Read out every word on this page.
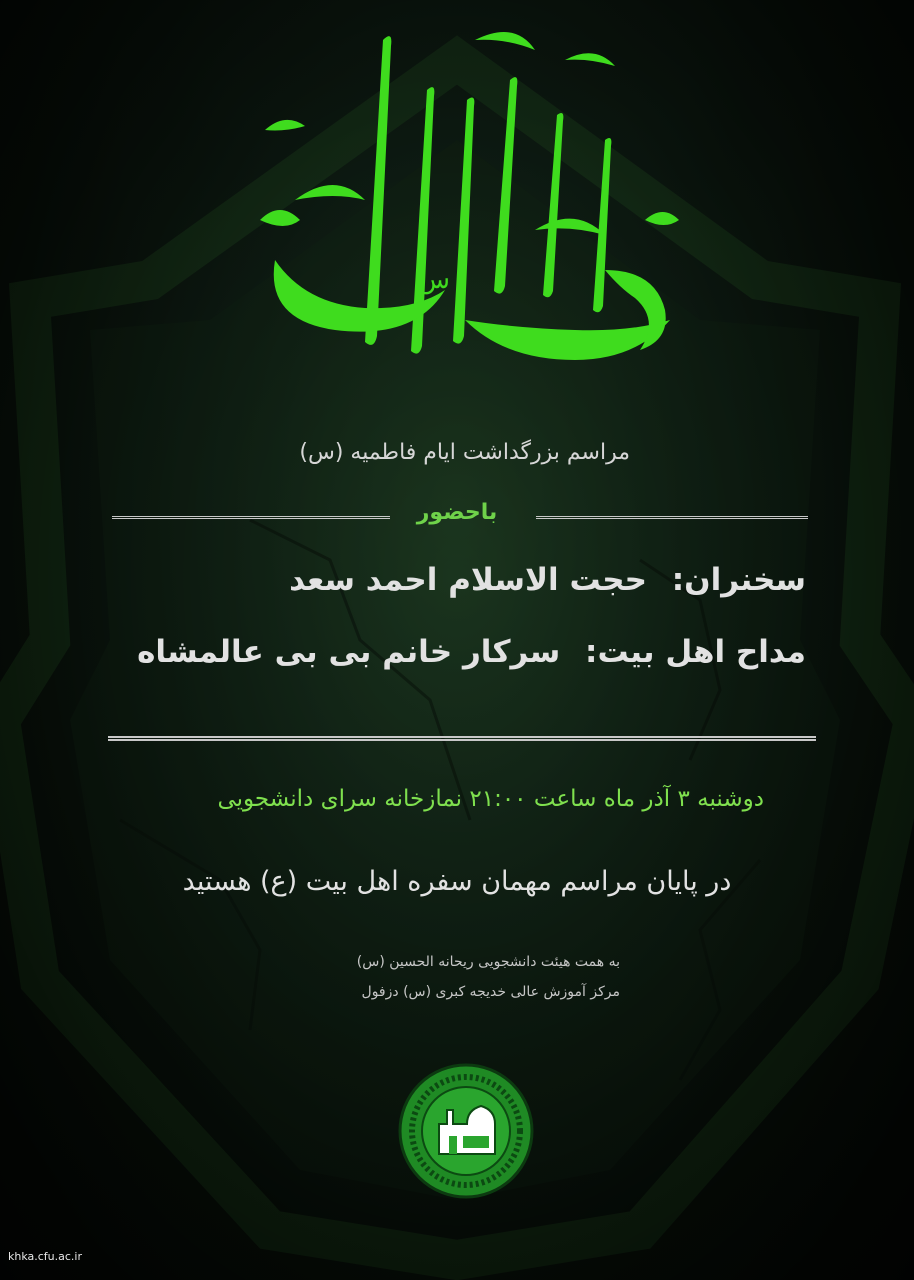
س
مراسم بزرگداشت ایام فاطمیه (س)
باحضور
سخنران: حجت الاسلام احمد سعد
مداح اهل بیت: سرکار خانم بی بی عالمشاه
دوشنبه ۳ آذر ماه ساعت ۲۱:۰۰ نمازخانه سرای دانشجویی
در پایان مراسم مهمان سفره اهل بیت (ع) هستید
به همت هیئت دانشجویی ریحانه الحسین (س)
مرکز آموزش عالی خدیجه کبری (س) دزفول
khka.cfu.ac.ir
